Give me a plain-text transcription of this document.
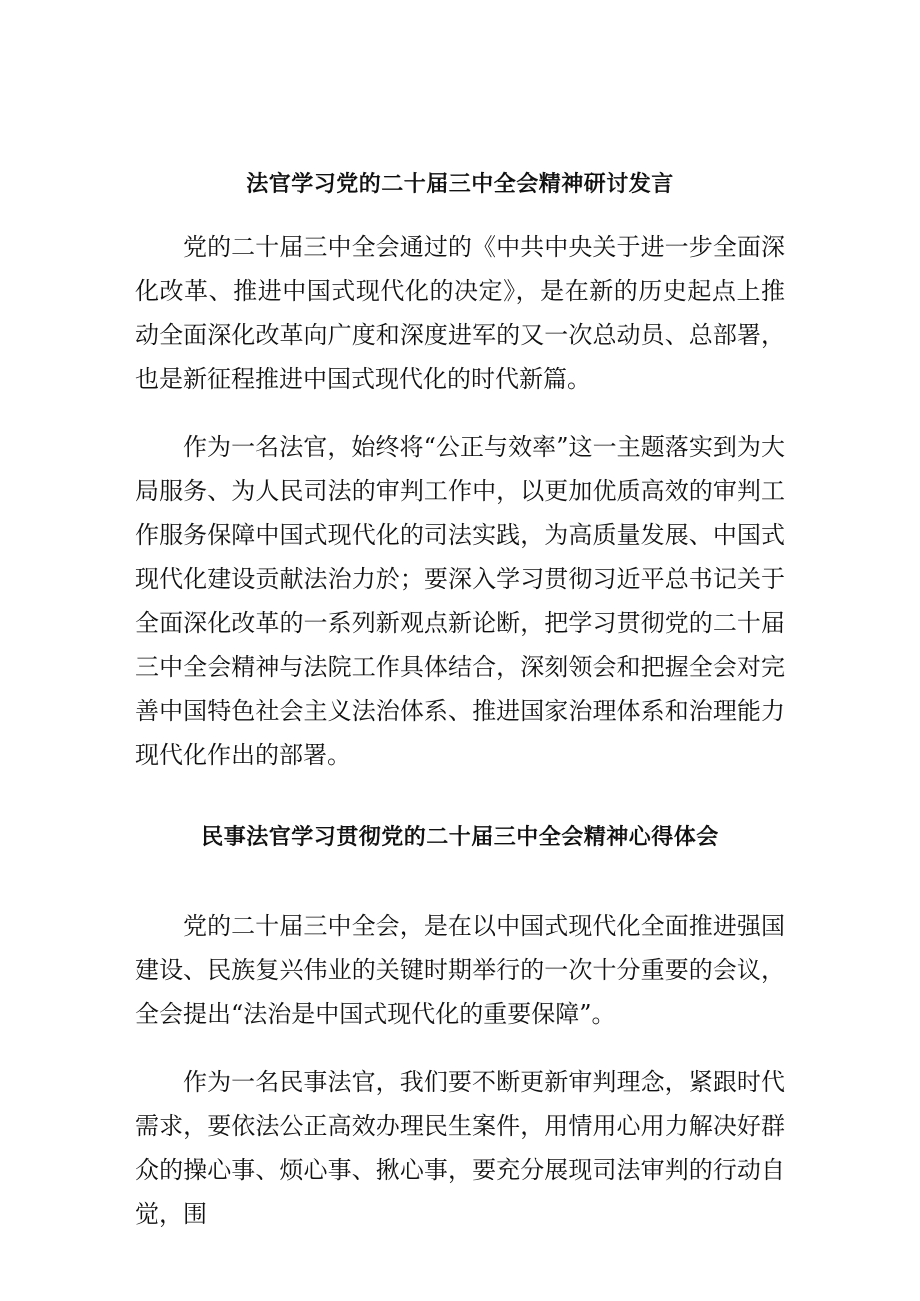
法官学习党的二十届三中全会精神研讨发言

党的二十届三中全会通过的《中共中央关于进一步全面深化改革、推进中国式现代化的决定》，是在新的历史起点上推动全面深化改革向广度和深度进军的又一次总动员、总部署，也是新征程推进中国式现代化的时代新篇。

作为一名法官，始终将“公正与效率”这一主题落实到为大局服务、为人民司法的审判工作中，以更加优质高效的审判工作服务保障中国式现代化的司法实践，为高质量发展、中国式现代化建设贡献法治力於；要深入学习贯彻习近平总书记关于全面深化改革的一系列新观点新论断，把学习贯彻党的二十届三中全会精神与法院工作具体结合，深刻领会和把握全会对完善中国特色社会主义法治体系、推进国家治理体系和治理能力现代化作出的部署。

民事法官学习贯彻党的二十届三中全会精神心得体会

党的二十届三中全会，是在以中国式现代化全面推进强国建设、民族复兴伟业的关键时期举行的一次十分重要的会议，全会提出“法治是中国式现代化的重要保障”。

作为一名民事法官，我们要不断更新审判理念，紧跟时代需求，要依法公正高效办理民生案件，用情用心用力解决好群众的操心事、烦心事、揪心事，要充分展现司法审判的行动自觉，围
